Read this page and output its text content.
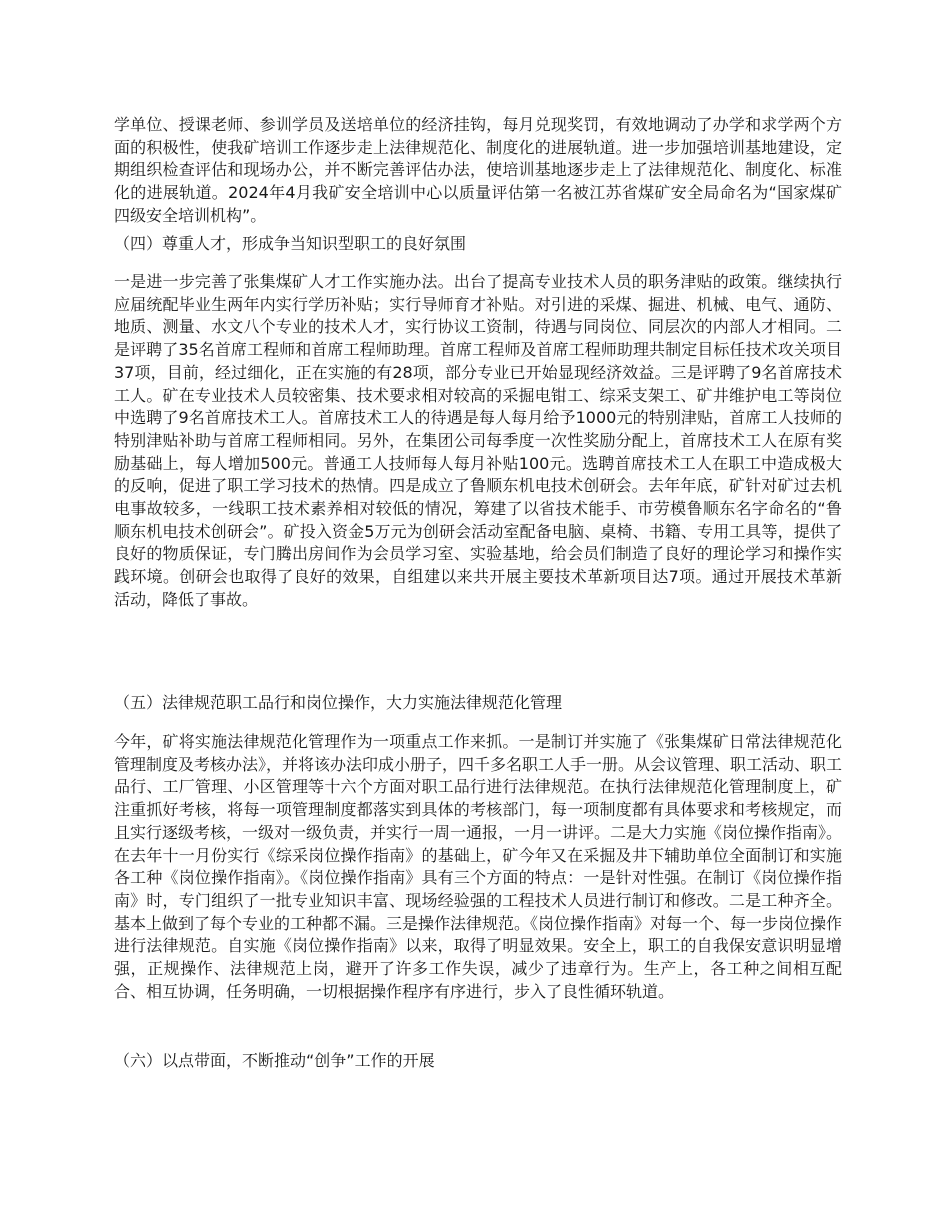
学单位、授课老师、参训学员及送培单位的经济挂钩，每月兑现奖罚，有效地调动了办学和求学两个方面的积极性，使我矿培训工作逐步走上法律规范化、制度化的进展轨道。进一步加强培训基地建设，定期组织检查评估和现场办公，并不断完善评估办法，使培训基地逐步走上了法律规范化、制度化、标准化的进展轨道。2024年4月我矿安全培训中心以质量评估第一名被江苏省煤矿安全局命名为“国家煤矿四级安全培训机构”。

（四）尊重人才，形成争当知识型职工的良好氛围

一是进一步完善了张集煤矿人才工作实施办法。出台了提高专业技术人员的职务津贴的政策。继续执行应届统配毕业生两年内实行学历补贴；实行导师育才补贴。对引进的采煤、掘进、机械、电气、通防、地质、测量、水文八个专业的技术人才，实行协议工资制，待遇与同岗位、同层次的内部人才相同。二是评聘了35名首席工程师和首席工程师助理。首席工程师及首席工程师助理共制定目标任技术攻关项目37项，目前，经过细化，正在实施的有28项，部分专业已开始显现经济效益。三是评聘了9名首席技术工人。矿在专业技术人员较密集、技术要求相对较高的采掘电钳工、综采支架工、矿井维护电工等岗位中选聘了9名首席技术工人。首席技术工人的待遇是每人每月给予1000元的特别津贴，首席工人技师的特别津贴补助与首席工程师相同。另外，在集团公司每季度一次性奖励分配上，首席技术工人在原有奖励基础上，每人增加500元。普通工人技师每人每月补贴100元。选聘首席技术工人在职工中造成极大的反响，促进了职工学习技术的热情。四是成立了鲁顺东机电技术创研会。去年年底，矿针对矿过去机电事故较多，一线职工技术素养相对较低的情况，筹建了以省技术能手、市劳模鲁顺东名字命名的“鲁顺东机电技术创研会”。矿投入资金5万元为创研会活动室配备电脑、桌椅、书籍、专用工具等，提供了良好的物质保证，专门腾出房间作为会员学习室、实验基地，给会员们制造了良好的理论学习和操作实践环境。创研会也取得了良好的效果，自组建以来共开展主要技术革新项目达7项。通过开展技术革新活动，降低了事故。

（五）法律规范职工品行和岗位操作，大力实施法律规范化管理

今年，矿将实施法律规范化管理作为一项重点工作来抓。一是制订并实施了《张集煤矿日常法律规范化管理制度及考核办法》，并将该办法印成小册子，四千多名职工人手一册。从会议管理、职工活动、职工品行、工厂管理、小区管理等十六个方面对职工品行进行法律规范。在执行法律规范化管理制度上，矿注重抓好考核，将每一项管理制度都落实到具体的考核部门，每一项制度都有具体要求和考核规定，而且实行逐级考核，一级对一级负责，并实行一周一通报，一月一讲评。二是大力实施《岗位操作指南》。在去年十一月份实行《综采岗位操作指南》的基础上，矿今年又在采掘及井下辅助单位全面制订和实施各工种《岗位操作指南》。《岗位操作指南》具有三个方面的特点：一是针对性强。在制订《岗位操作指南》时，专门组织了一批专业知识丰富、现场经验强的工程技术人员进行制订和修改。二是工种齐全。基本上做到了每个专业的工种都不漏。三是操作法律规范。《岗位操作指南》对每一个、每一步岗位操作进行法律规范。自实施《岗位操作指南》以来，取得了明显效果。安全上，职工的自我保安意识明显增强，正规操作、法律规范上岗，避开了许多工作失误，减少了违章行为。生产上，各工种之间相互配合、相互协调，任务明确，一切根据操作程序有序进行，步入了良性循环轨道。

（六）以点带面，不断推动“创争”工作的开展
